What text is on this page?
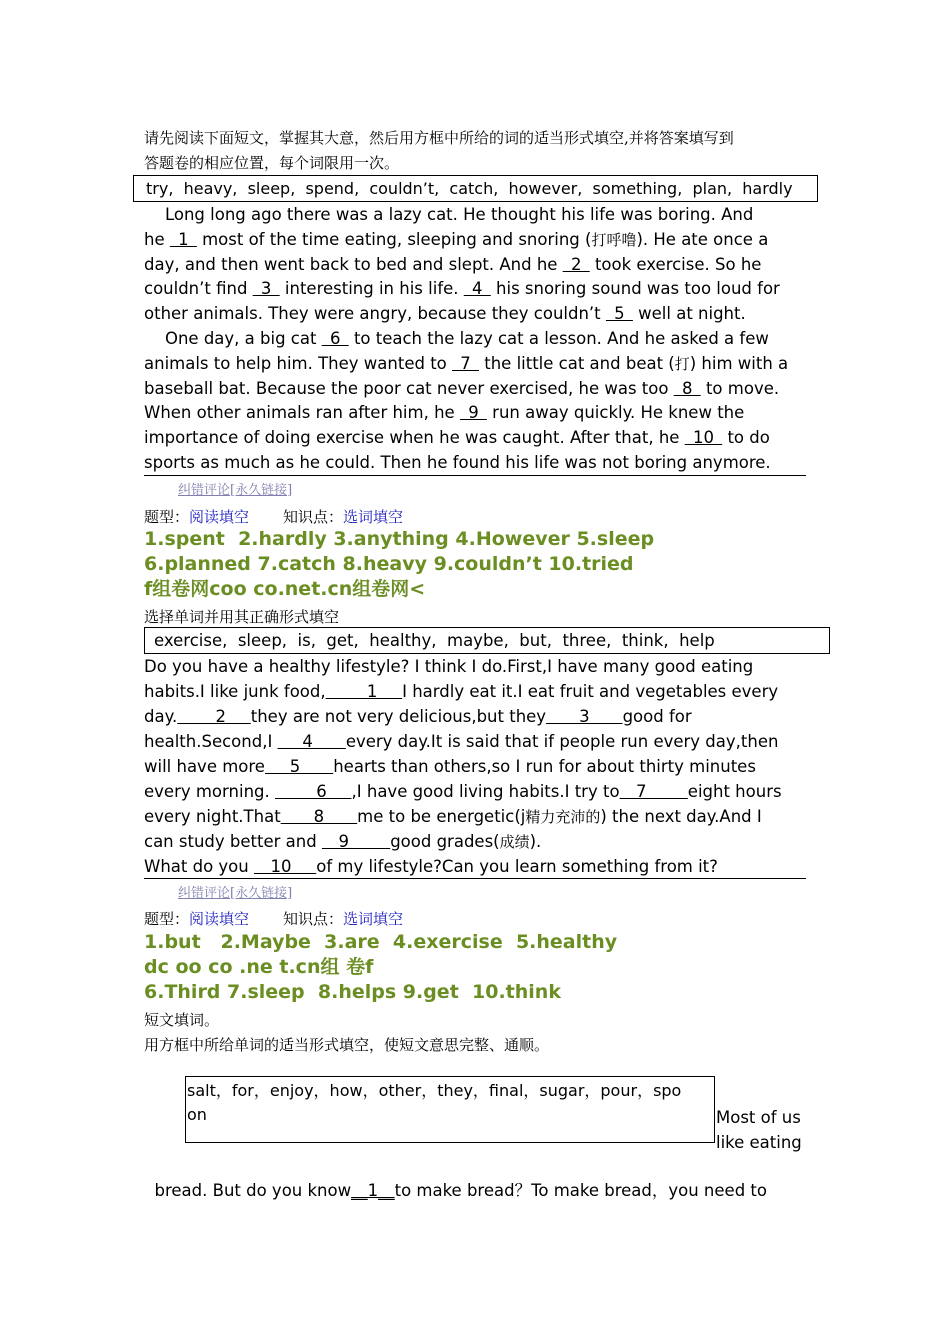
请先阅读下面短文，掌握其大意，然后用方框中所给的词的适当形式填空,并将答案填写到
答题卷的相应位置，每个词限用一次。
try,  heavy,  sleep,  spend,  couldn’t,  catch,  however,  something,  plan,  hardly
Long long ago there was a lazy cat. He thought his life was boring. And
he  1  most of the time eating, sleeping and snoring (打呼噜). He ate once a
day, and then went back to bed and slept. And he  2  took exercise. So he
couldn’t find  3  interesting in his life.  4  his snoring sound was too loud for
other animals. They were angry, because they couldn’t  5  well at night.
One day, a big cat  6  to teach the lazy cat a lesson. And he asked a few
animals to help him. They wanted to  7  the little cat and beat (打) him with a
baseball bat. Because the poor cat never exercised, he was too  8  to move.
When other animals ran after him, he  9  run away quickly. He knew the
importance of doing exercise when he was caught. After that, he  10  to do
sports as much as he could. Then he found his life was not boring anymore.
纠错评论[永久链接]
题型：阅读填空 知识点：选词填空
1.spent  2.hardly 3.anything 4.However 5.sleep
6.planned 7.catch 8.heavy 9.couldn’t 10.tried
f组卷网coo co.net.cn组卷网<
选择单词并用其正确形式填空
exercise,  sleep,  is,  get,  healthy,  maybe,  but,  three,  think,  help
Do you have a healthy lifestyle? I think I do.First,I have many good eating
habits.I like junk food,     1   I hardly eat it.I eat fruit and vegetables every
day.     2   they are not very delicious,but they    3    good for
health.Second,I    4    every day.It is said that if people run every day,then
will have more   5    hearts than others,so I run for about thirty minutes
every morning.      6   ,I have good living habits.I try to  7     eight hours
every night.That    8    me to be energetic(j精力充沛的) the next day.And I
can study better and   9     good grades(成绩).
What do you   10   of my lifestyle?Can you learn something from it?
纠错评论[永久链接]
题型：阅读填空 知识点：选词填空
1.but   2.Maybe  3.are  4.exercise  5.healthy
dc oo co .ne t.cn组 卷f
6.Third 7.sleep  8.helps 9.get  10.think
短文填词。
用方框中所给单词的适当形式填空，使短文意思完整、通顺。
salt，for，enjoy，how，other，they，final，sugar，pour，spo
on	Most of us
like eating

bread. But do you know__1__to make bread？To make bread，you need to
